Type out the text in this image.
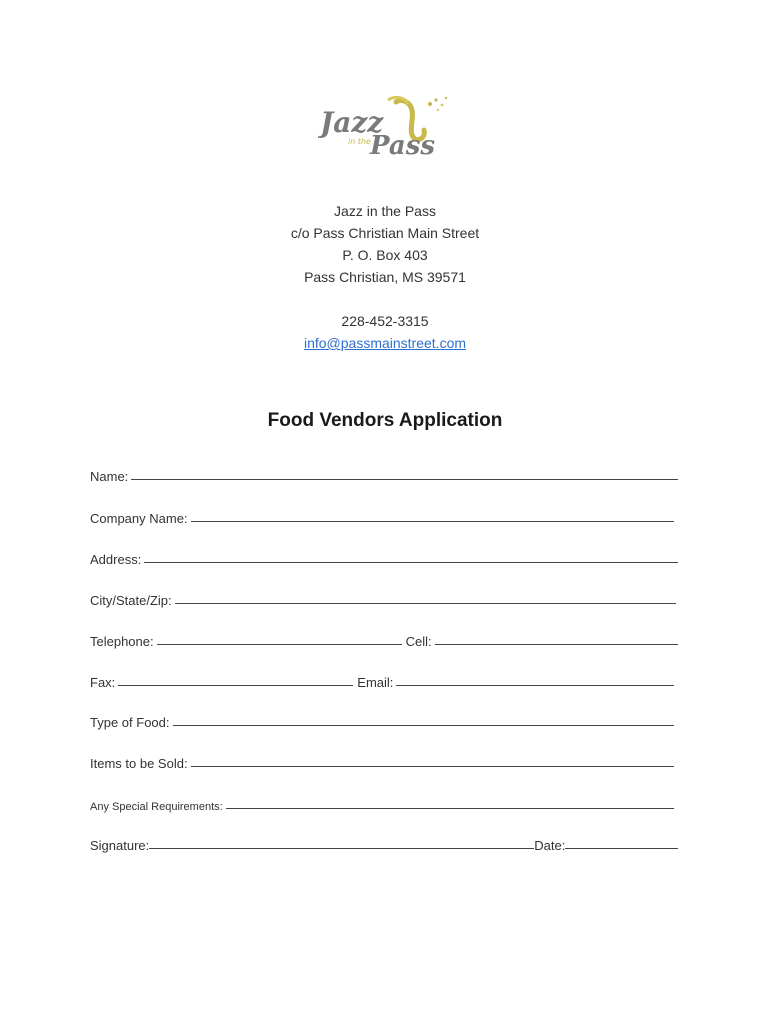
Jazz
in the Pass
Jazz in the Pass
c/o Pass Christian Main Street
P. O. Box 403
Pass Christian, MS 39571
228-452-3315
info@passmainstreet.com
Food Vendors Application
Name:
Company Name:
Address:
City/State/Zip:
Telephone:	Cell:
Fax:	Email:
Type of Food:
Items to be Sold:
Any Special Requirements:
Signature:	Date:
